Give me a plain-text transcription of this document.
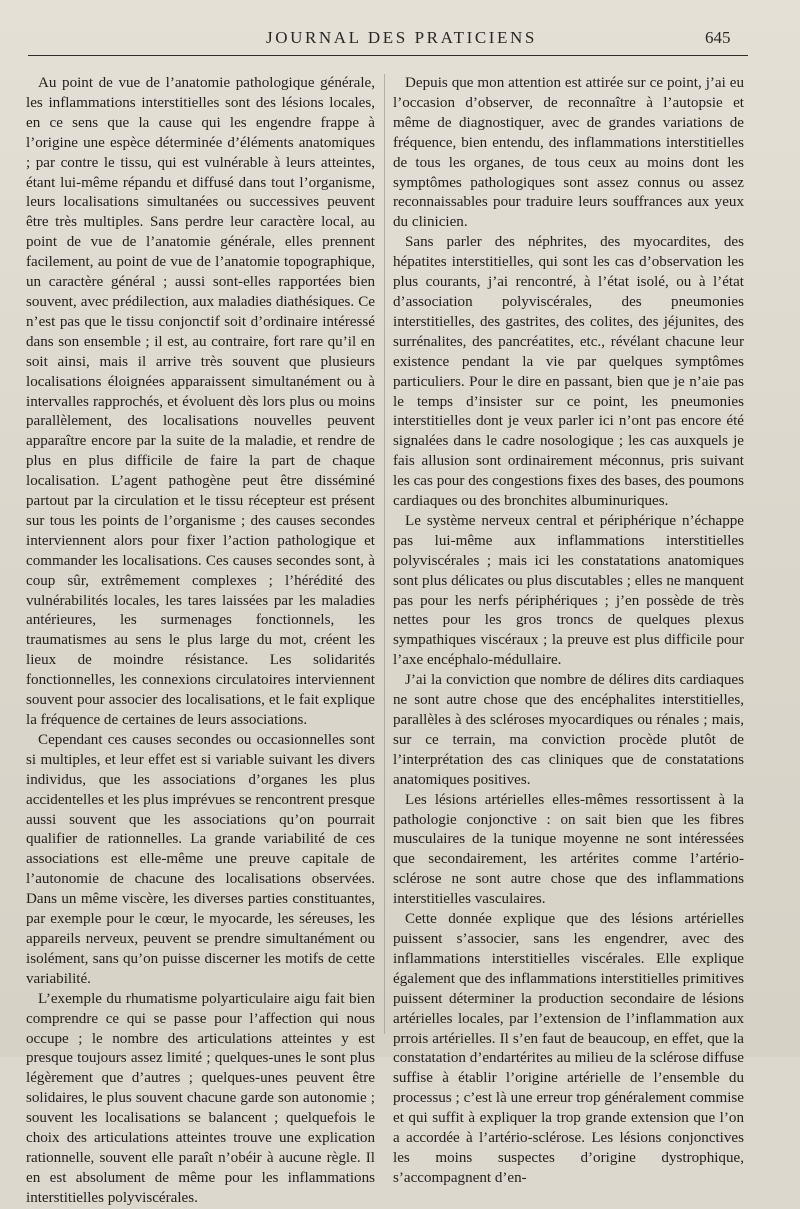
JOURNAL DES PRATICIENS	645

Au point de vue de l’anatomie pathologique générale, les inflammations interstitielles sont des lésions locales, en ce sens que la cause qui les engendre frappe à l’origine une espèce déterminée d’éléments anatomiques ; par contre le tissu, qui est vulnérable à leurs atteintes, étant lui-même répandu et diffusé dans tout l’organisme, leurs localisations simultanées ou successives peuvent être très multiples. Sans perdre leur caractère local, au point de vue de l’anatomie générale, elles prennent facilement, au point de vue de l’anatomie topographique, un caractère général ; aussi sont-elles rapportées bien souvent, avec prédilection, aux maladies diathésiques. Ce n’est pas que le tissu conjonctif soit d’ordinaire intéressé dans son ensemble ; il est, au contraire, fort rare qu’il en soit ainsi, mais il arrive très souvent que plusieurs localisations éloignées apparaissent simultanément ou à intervalles rapprochés, et évoluent dès lors plus ou moins parallèlement, des localisations nouvelles peuvent apparaître encore par la suite de la maladie, et rendre de plus en plus difficile de faire la part de chaque localisation. L’agent pathogène peut être disséminé partout par la circulation et le tissu récepteur est présent sur tous les points de l’organisme ; des causes secondes interviennent alors pour fixer l’action pathologique et commander les localisations. Ces causes secondes sont, à coup sûr, extrêmement complexes ; l’hérédité des vulnérabilités locales, les tares laissées par les maladies antérieures, les surmenages fonctionnels, les traumatismes au sens le plus large du mot, créent les lieux de moindre résistance. Les solidarités fonctionnelles, les connexions circulatoires interviennent souvent pour associer des localisations, et le fait explique la fréquence de certaines de leurs associations.

Cependant ces causes secondes ou occasionnelles sont si multiples, et leur effet est si variable suivant les divers individus, que les associations d’organes les plus accidentelles et les plus imprévues se rencontrent presque aussi souvent que les associations qu’on pourrait qualifier de rationnelles. La grande variabilité de ces associations est elle-même une preuve capitale de l’autonomie de chacune des localisations observées. Dans un même viscère, les diverses parties constituantes, par exemple pour le cœur, le myocarde, les séreuses, les appareils nerveux, peuvent se prendre simultanément ou isolément, sans qu’on puisse discerner les motifs de cette variabilité.

L’exemple du rhumatisme polyarticulaire aigu fait bien comprendre ce qui se passe pour l’affection qui nous occupe ; le nombre des articulations atteintes y est presque toujours assez limité ; quelques-unes le sont plus légèrement que d’autres ; quelques-unes peuvent être solidaires, le plus souvent chacune garde son autonomie ; souvent les localisations se balancent ; quelquefois le choix des articulations atteintes trouve une explication rationnelle, souvent elle paraît n’obéir à aucune règle. Il en est absolument de même pour les inflammations interstitielles polyviscérales.

Depuis que mon attention est attirée sur ce point, j’ai eu l’occasion d’observer, de reconnaître à l’autopsie et même de diagnostiquer, avec de grandes variations de fréquence, bien entendu, des inflammations interstitielles de tous les organes, de tous ceux au moins dont les symptômes pathologiques sont assez connus ou assez reconnaissables pour traduire leurs souffrances aux yeux du clinicien.

Sans parler des néphrites, des myocardites, des hépatites interstitielles, qui sont les cas d’observation les plus courants, j’ai rencontré, à l’état isolé, ou à l’état d’association polyviscérales, des pneumonies interstitielles, des gastrites, des colites, des jéjunites, des surrénalites, des pancréatites, etc., révélant chacune leur existence pendant la vie par quelques symptômes particuliers. Pour le dire en passant, bien que je n’aie pas le temps d’insister sur ce point, les pneumonies interstitielles dont je veux parler ici n’ont pas encore été signalées dans le cadre nosologique ; les cas auxquels je fais allusion sont ordinairement méconnus, pris suivant les cas pour des congestions fixes des bases, des poumons cardiaques ou des bronchites albuminuriques.

Le système nerveux central et périphérique n’échappe pas lui-même aux inflammations interstitielles polyviscérales ; mais ici les constatations anatomiques sont plus délicates ou plus discutables ; elles ne manquent pas pour les nerfs périphériques ; j’en possède de très nettes pour les gros troncs de quelques plexus sympathiques viscéraux ; la preuve est plus difficile pour l’axe encéphalo-médullaire.

J’ai la conviction que nombre de délires dits cardiaques ne sont autre chose que des encéphalites interstitielles, parallèles à des scléroses myocardiques ou rénales ; mais, sur ce terrain, ma conviction procède plutôt de l’interprétation des cas cliniques que de constatations anatomiques positives.

Les lésions artérielles elles-mêmes ressortissent à la pathologie conjonctive : on sait bien que les fibres musculaires de la tunique moyenne ne sont intéressées que secondairement, les artérites comme l’artério-sclérose ne sont autre chose que des inflammations interstitielles vasculaires.

Cette donnée explique que des lésions artérielles puissent s’associer, sans les engendrer, avec des inflammations interstitielles viscérales. Elle explique également que des inflammations interstitielles primitives puissent déterminer la production secondaire de lésions artérielles locales, par l’extension de l’inflammation aux prrois artérielles. Il s’en faut de beaucoup, en effet, que la constatation d’endartérites au milieu de la sclérose diffuse suffise à établir l’origine artérielle de l’ensemble du processus ; c’est là une erreur trop généralement commise et qui suffit à expliquer la trop grande extension que l’on a accordée à l’artério-sclérose. Les lésions conjonctives les moins suspectes d’origine dystrophique, s’accompagnent d’en-
